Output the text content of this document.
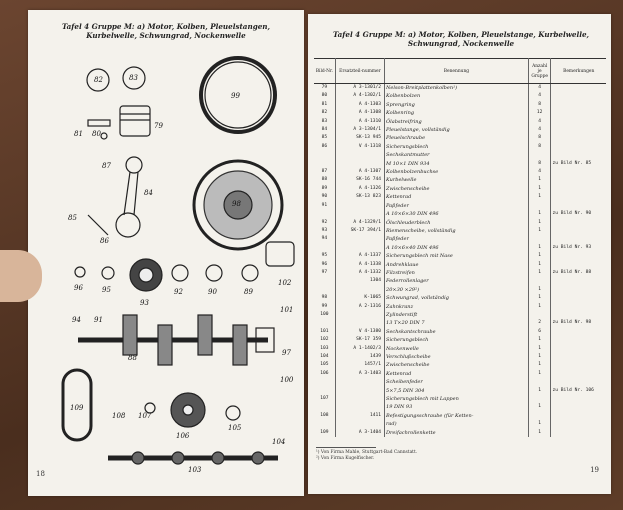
Tafel 4 Gruppe M: a) Motor, Kolben, Pleuelstangen, Kurbelwelle, Schwungrad, Nockenwelle
82	83
99
81 80
79
87
84
98
85
86
96	95
93
92	90	89
102
94 91
101
88
97
100
109
108 107
106
105
104
103
18
Tafel 4 Gruppe M: a) Motor, Kolben, Pleuelstange, Kurbelwelle, Schwungrad, Nockenwelle
Bild-Nr.	Ersatzteil-nummer	Benennung	Anzahl je Gruppe	Bemerkungen
79	A 3-1301/2	Nelson-Breitplattenkolben¹)	4	
80	A 4-1302/1	Kolbenbolzen	4	
81	A 4-1303	Sprengring	8	
82	A 4-1308	Kolbenring	12	
83	A 4-1310	Ölabstreifring	4	
84	A 3-1304/1	Pleuelstange, vollständig	4	
85	SK-13 945	Pleuelschraube	8	
86	V 4-1318	Sicherungsblech	8	
		Sechskantmutter		
		M 10×1 DIN 934	8	zu Bild Nr. 85
87	A 4-1307	Kolbenbolzenbuchse	4	
88	SK-16 744	Kurbelwelle	1	
89	A 4-1326	Zwischenscheibe	1	
90	SK-13 823	Kettenrad	1	
91		Paßfeder		
		A 10×6×30 DIN 496	1	zu Bild Nr. 90
92	A 4-1329/1	Ölschleuderblech	1	
93	SK-17 394/1	Riemenscheibe, vollständig	1	
94		Paßfeder		
		A 10×6×40 DIN 496	1	zu Bild Nr. 93
95	A 4-1337	Sicherungsblech mit Nase	1	
96	A 4-1338	Andrehklaue	1	
97	A 4-1332	Filzstreifen	1	zu Bild Nr. 88
	1304	Federrollenlager		
		20×30 ×29²)	1	
98	K-1065	Schwungrad, vollständig	1	
99	A 2-1316	Zahnkranz	1	
100		Zylinderstift		
		13 T×20 DIN 7	2	zu Bild Nr. 98
101	V 4-1380	Sechskantschraube	6	
102	SK-17 359	Sicherungsblech	1	
103	A 1-1402/3	Nockenwelle	1	
104	1439	Verschlußscheibe	1	
105	1457/1	Zwischenscheibe	1	
106	A 3-1403	Kettenrad	1	
		Scheibenfeder		
		5×7,5 DIN 304	1	zu Bild Nr. 106
107		Sicherungsblech mit Lappen		
		19 DIN 93	1	
108	1411	Befestigungsschraube (für Ketten-		
		rad)	1	
109	A 3-1404	Dreifachrollenkette	1	
¹) Von Firma Mahle, Stuttgart-Bad Cannstatt.
²) Von Firma Kugelfischer.
19
